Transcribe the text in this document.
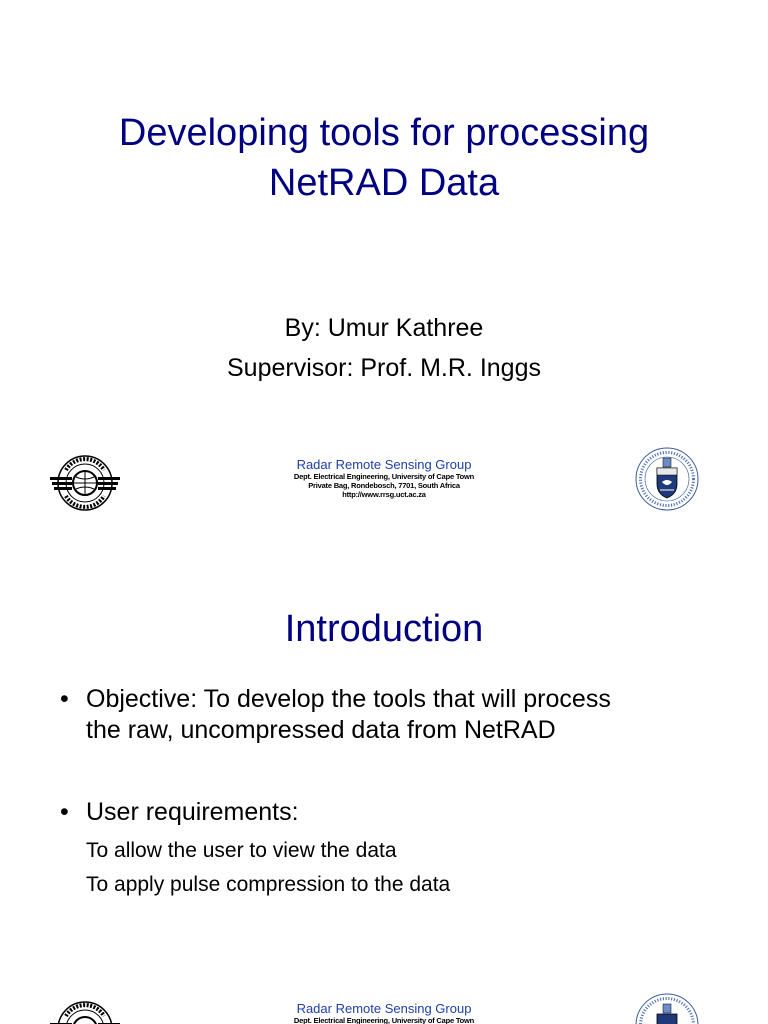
Developing tools for processing
NetRAD Data
By: Umur Kathree
Supervisor: Prof. M.R. Inggs
Radar Remote Sensing Group
Dept. Electrical Engineering, University of Cape Town
Private Bag, Rondebosch, 7701, South Africa
http://www.rrsg.uct.ac.za
Introduction
• Objective: To develop the tools that will process
the raw, uncompressed data from NetRAD
• User requirements:
To allow the user to view the data
To apply pulse compression to the data
Radar Remote Sensing Group
Dept. Electrical Engineering, University of Cape Town
